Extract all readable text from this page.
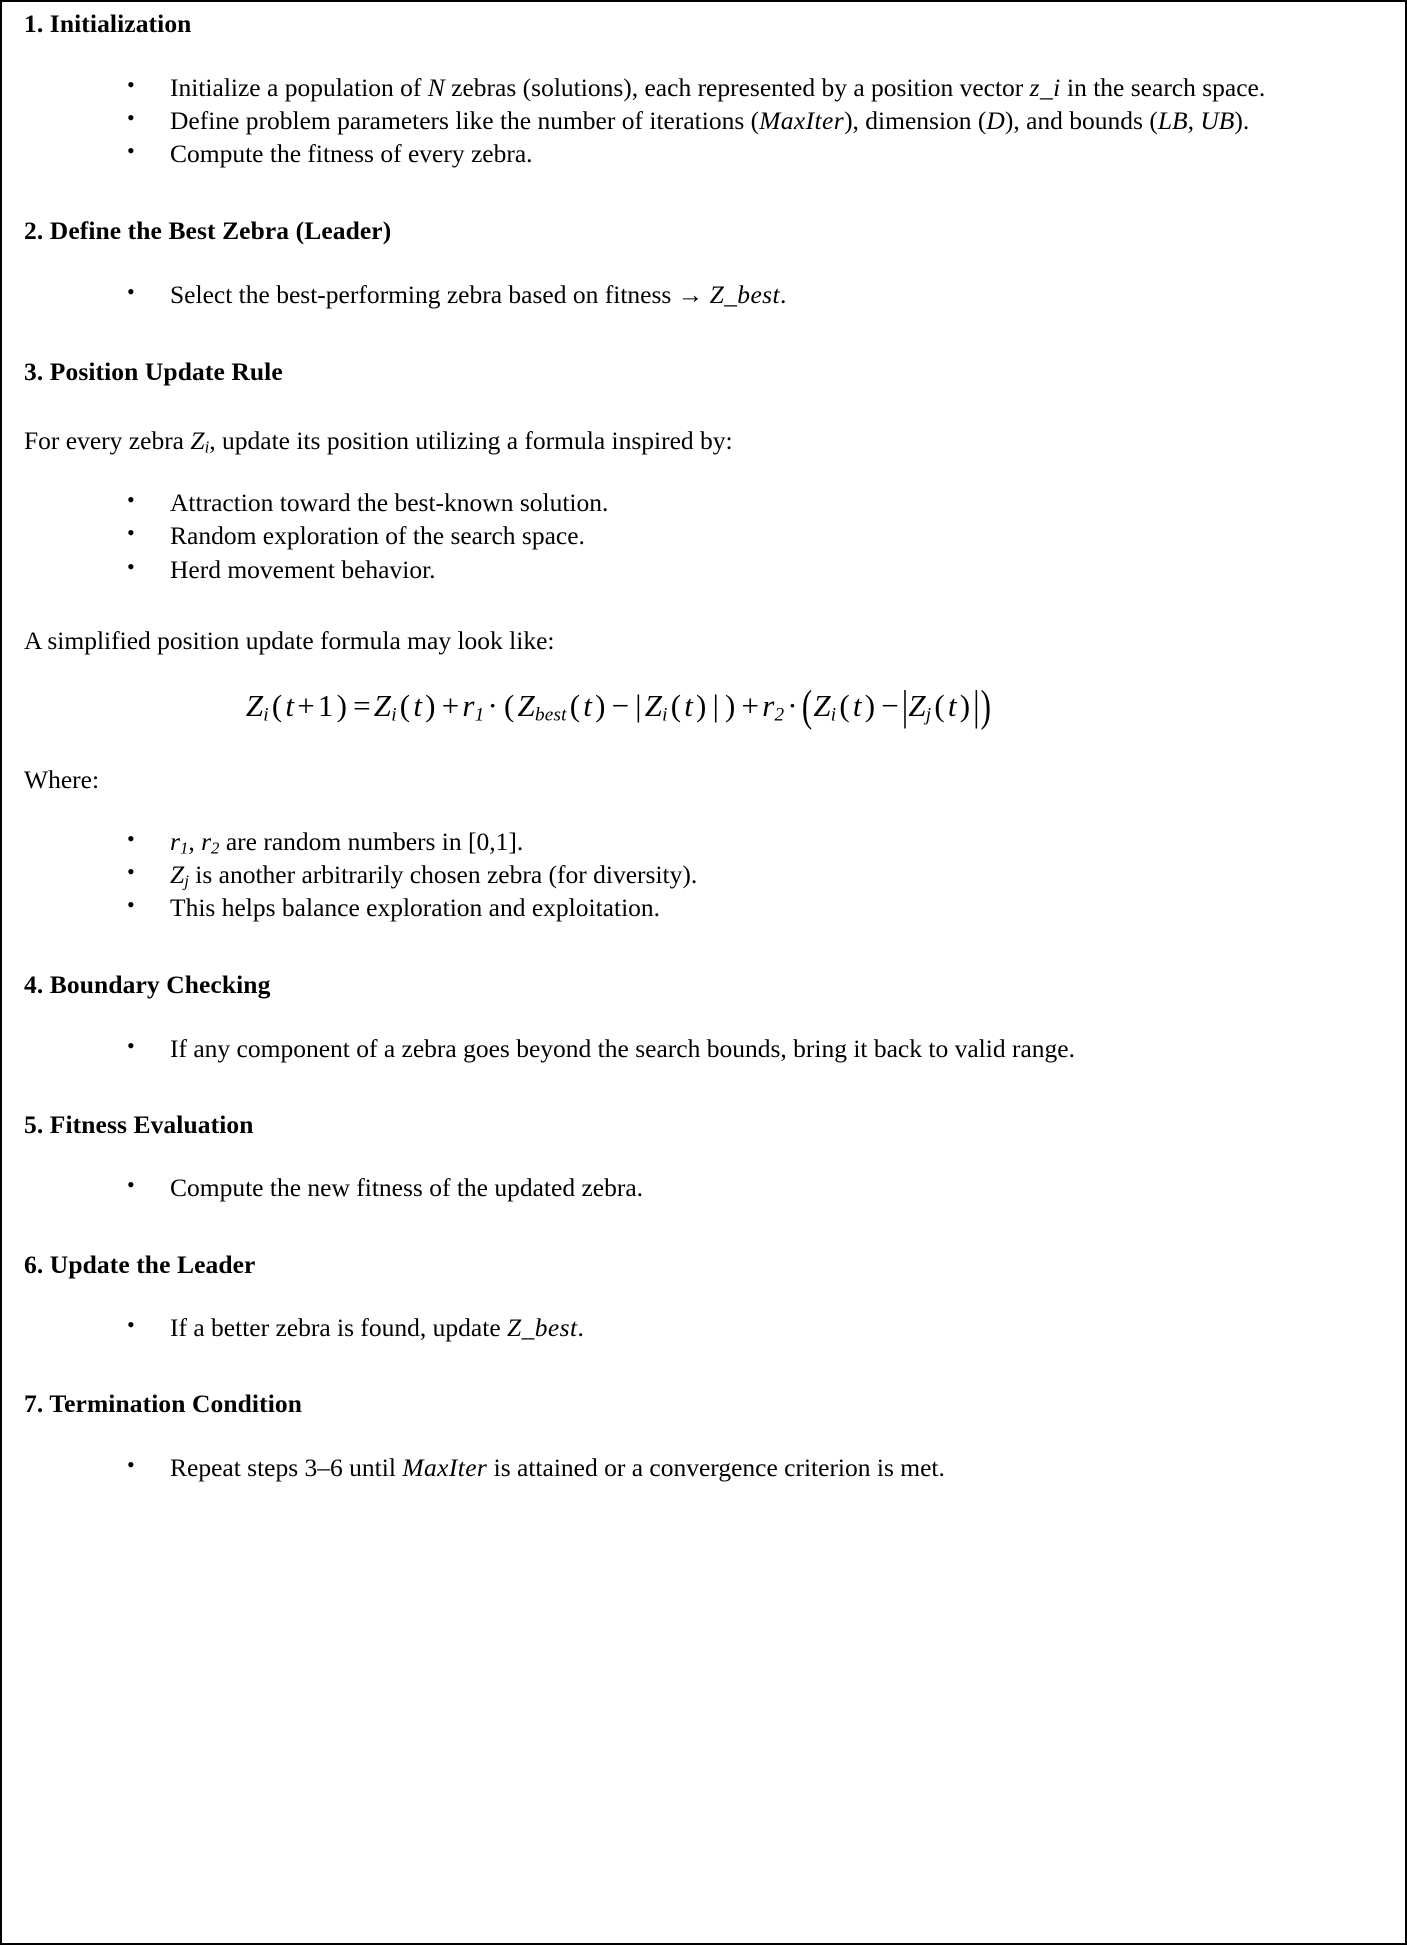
1. Initialization
• Initialize a population of N zebras (solutions), each represented by a position vector z_i in the search space.
• Define problem parameters like the number of iterations (MaxIter), dimension (D), and bounds (LB, UB).
• Compute the fitness of every zebra.
2. Define the Best Zebra (Leader)
• Select the best-performing zebra based on fitness → Z_best.
3. Position Update Rule

For every zebra $Z_i$, update its position utilizing a formula inspired by:

• Attraction toward the best-known solution.
• Random exploration of the search space.
• Herd movement behavior.

A simplified position update formula may look like:

$Z_i(t+1) =Z_i(t) +r_1\cdot (Z_{best}(t) - |Z_i(t)$ | ) $+r_2\cdot (Z_i(t) -|Z_j(t)|)$

Where:

• $r_1$, $r_2$ are random numbers in [0,1].
• $Z_j$ is another arbitrarily chosen zebra (for diversity).
• This helps balance exploration and exploitation.
4. Boundary Checking
• If any component of a zebra goes beyond the search bounds, bring it back to valid range.
5. Fitness Evaluation
• Compute the new fitness of the updated zebra.
6. Update the Leader
• If a better zebra is found, update Z_best.
7. Termination Condition
• Repeat steps 3–6 until MaxIter is attained or a convergence criterion is met.
